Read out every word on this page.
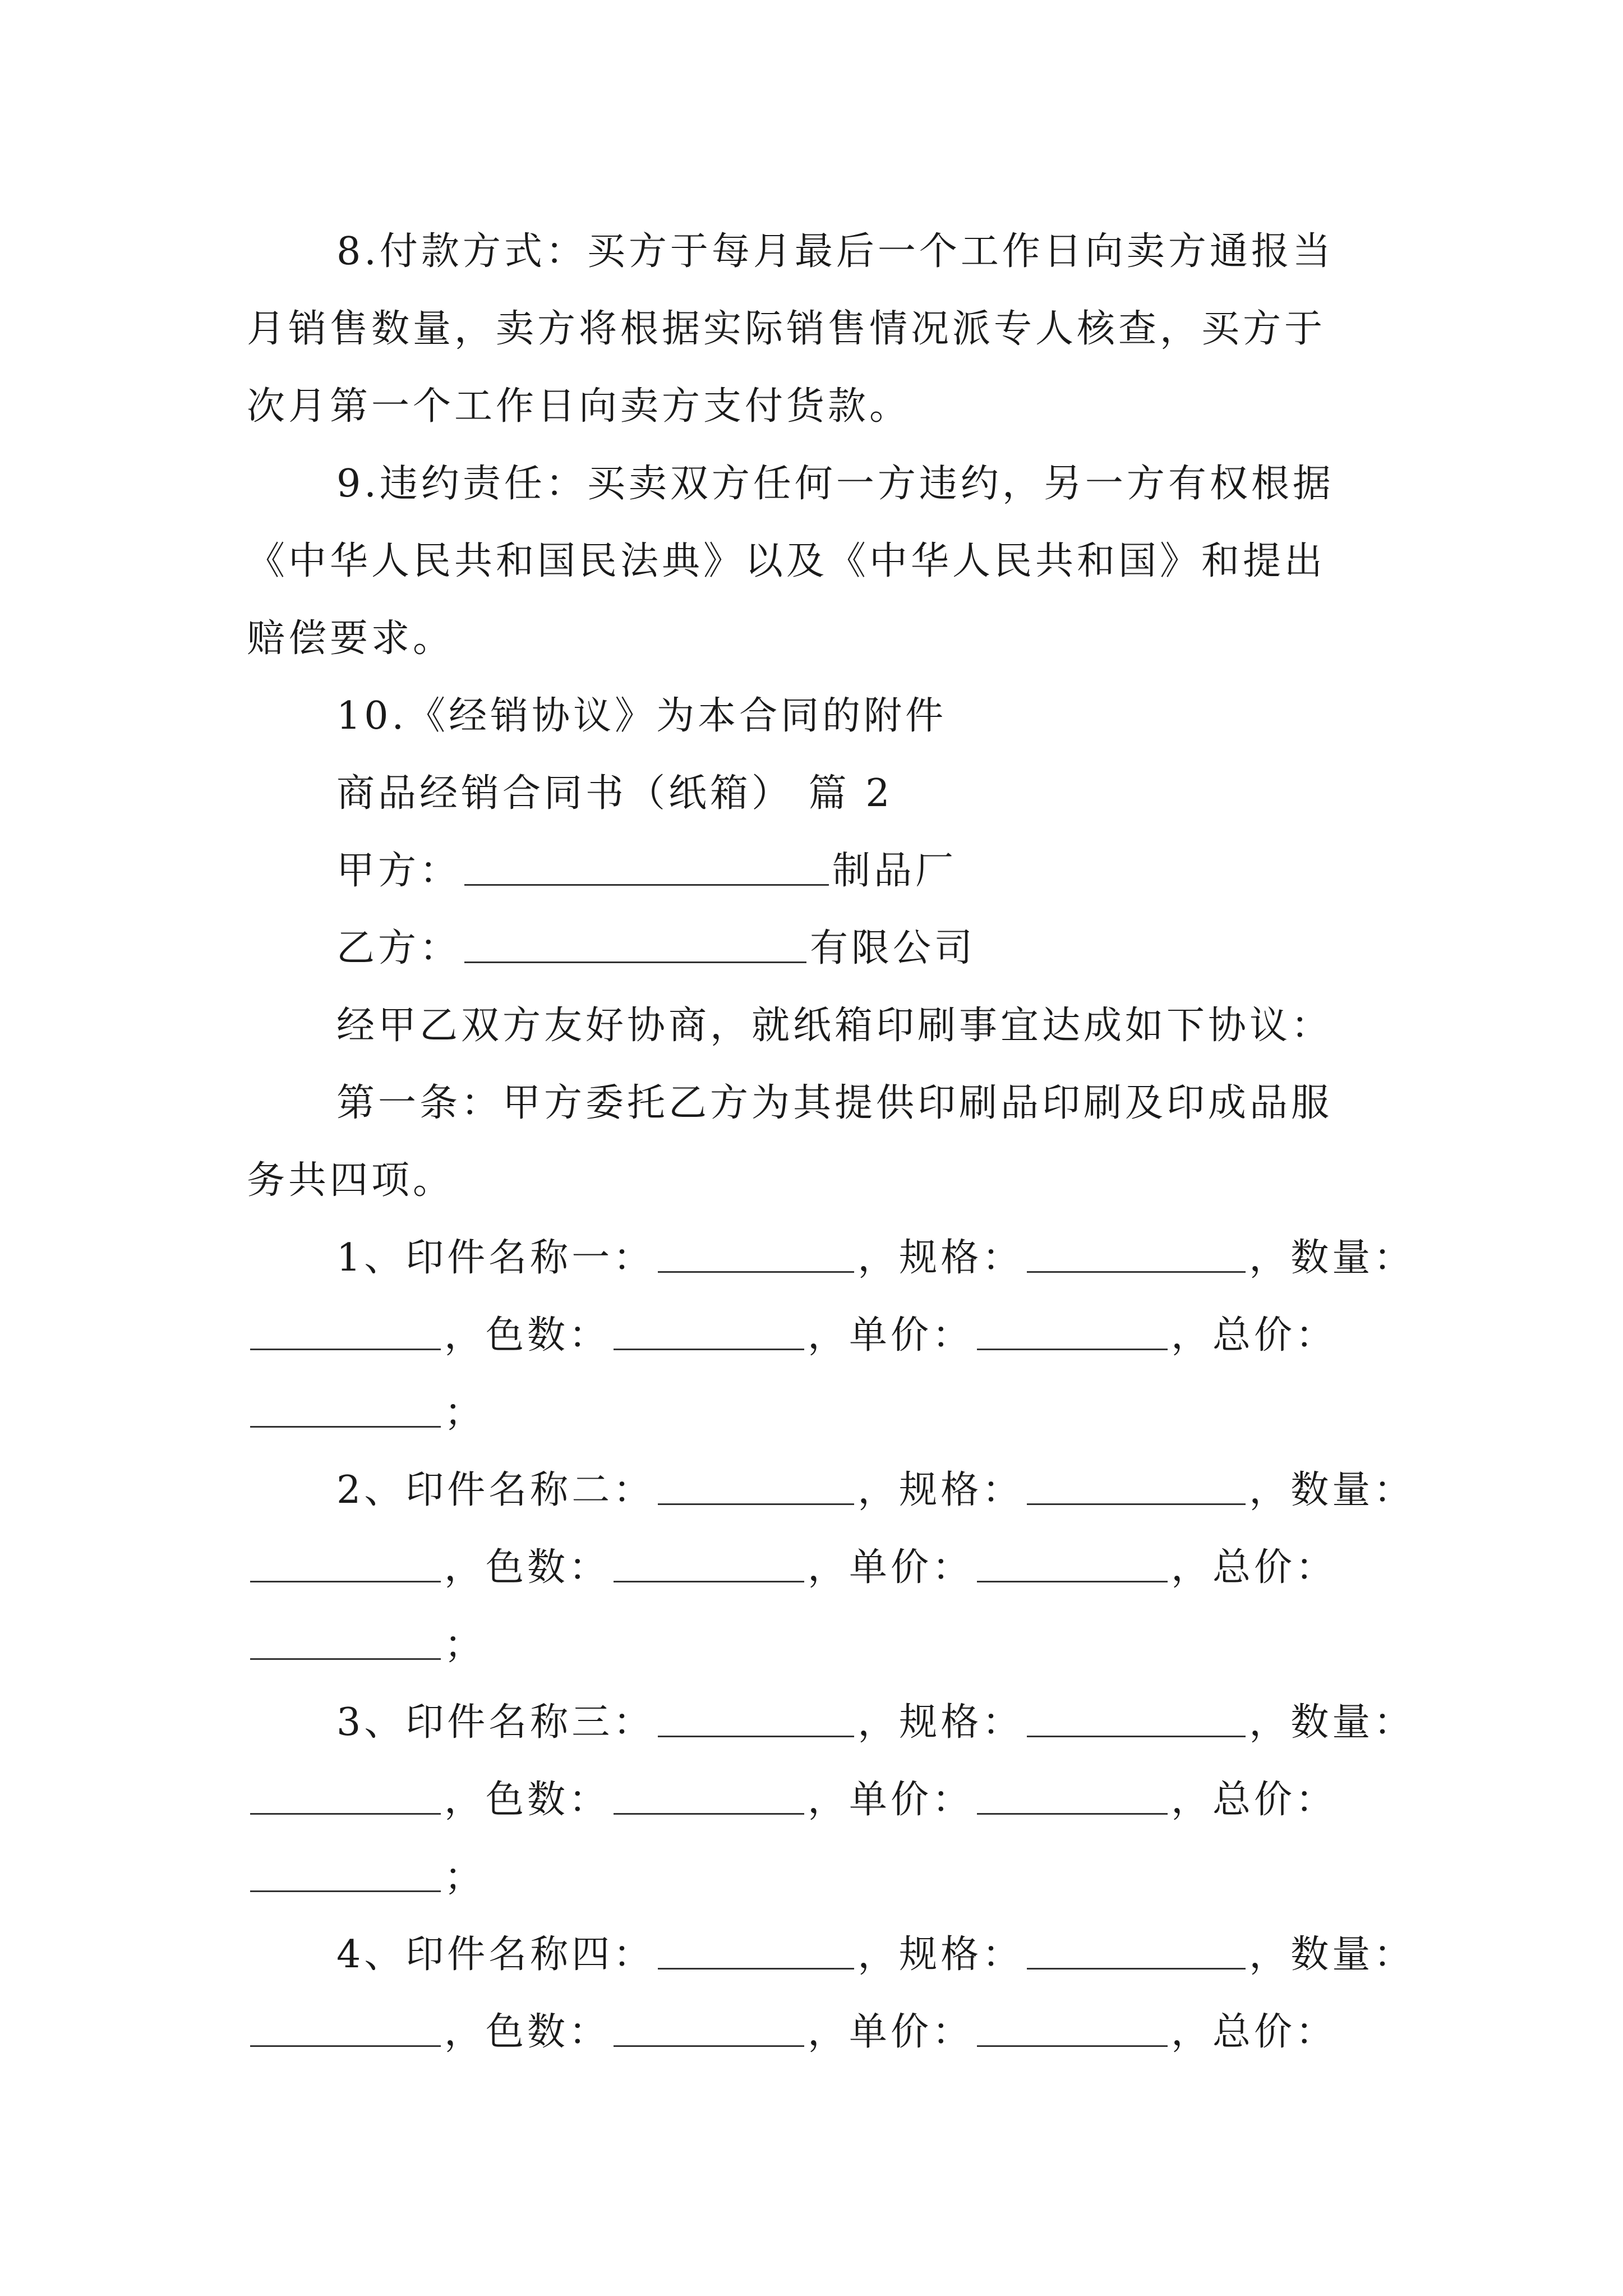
8.付款方式：买方于每月最后一个工作日向卖方通报当
月销售数量，卖方将根据实际销售情况派专人核查，买方于
次月第一个工作日向卖方支付货款。
9.违约责任：买卖双方任何一方违约，另一方有权根据
《中华人民共和国民法典》以及《中华人民共和国》和提出
赔偿要求。
10.《经销协议》为本合同的附件
商品经销合同书（纸箱） 篇 2
甲方：	制品厂
乙方：	有限公司
经甲乙双方友好协商，就纸箱印刷事宜达成如下协议：
第一条：甲方委托乙方为其提供印刷品印刷及印成品服
务共四项。
1、印件名称一：	，规格：	，数量：
，色数：	，单价：	，总价：
；
2、印件名称二：	，规格：	，数量：
，色数：	，单价：	，总价：
；
3、印件名称三：	，规格：	，数量：
，色数：	，单价：	，总价：
；
4、印件名称四：	，规格：	，数量：
，色数：	，单价：	，总价：
